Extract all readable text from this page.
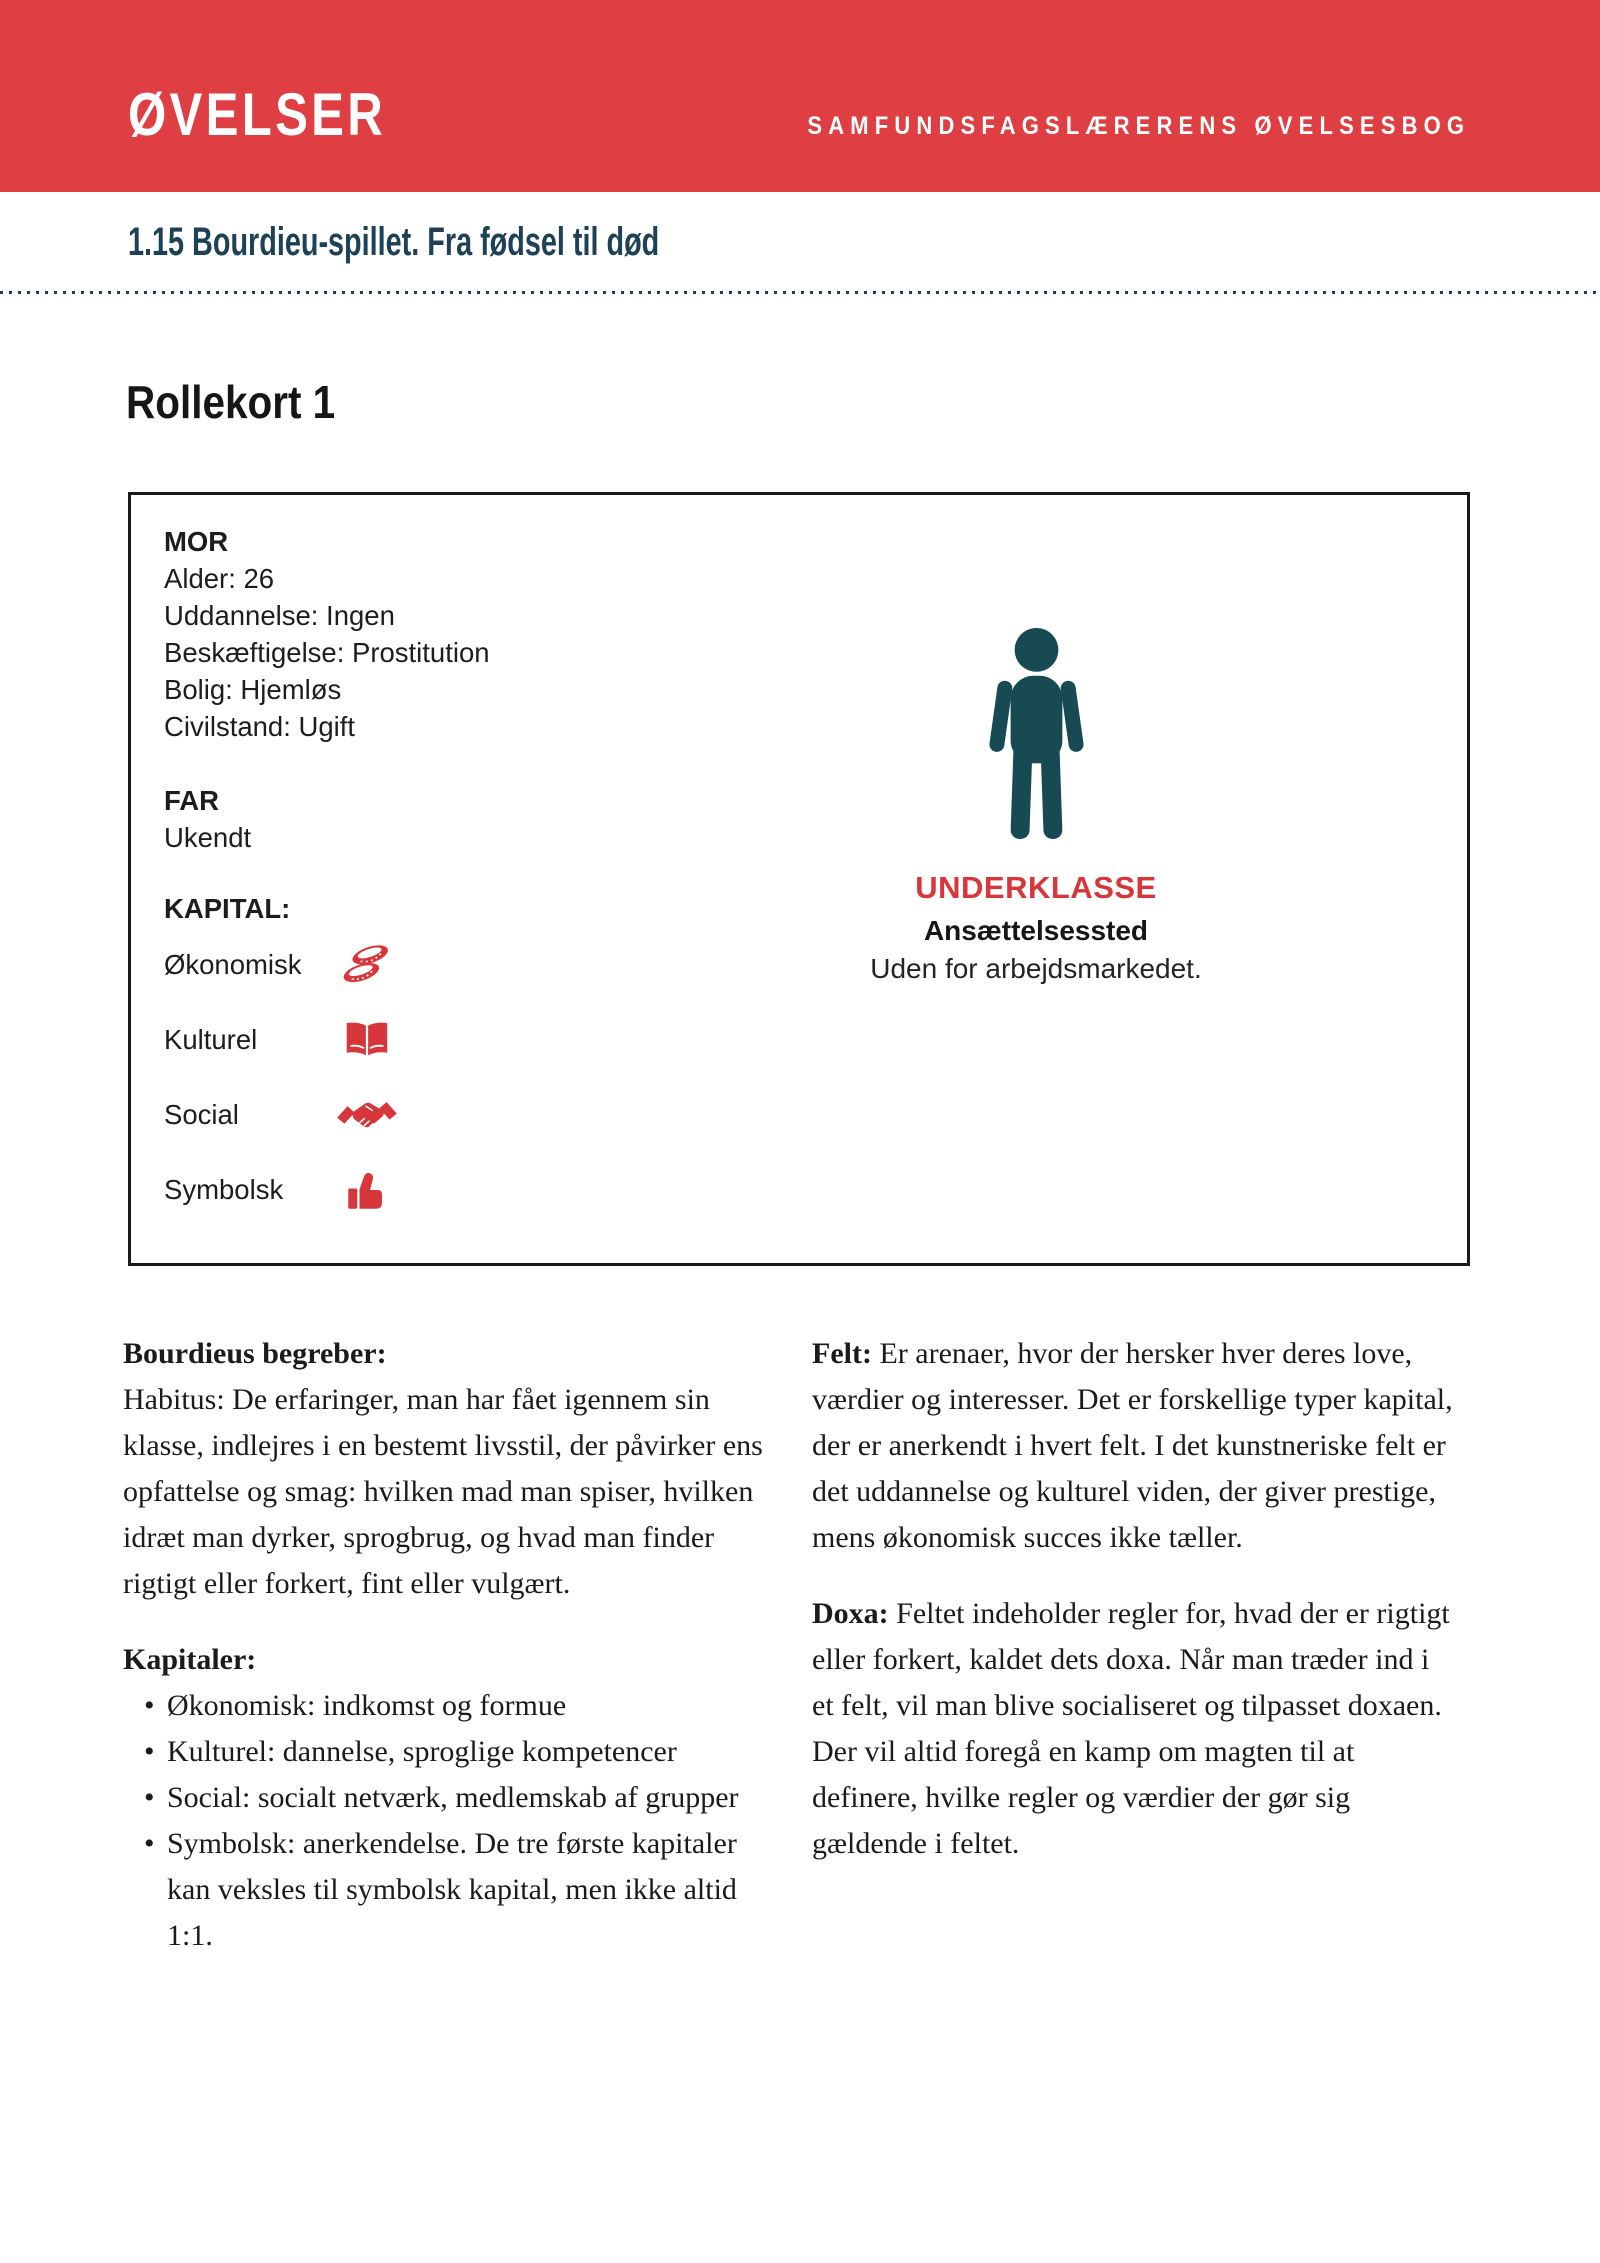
ØVELSER	SAMFUNDSFAGSLÆRERENS ØVELSESBOG
1.15 Bourdieu-spillet. Fra fødsel til død
Rollekort 1
MOR
Alder: 26
Uddannelse: Ingen
Beskæftigelse: Prostitution
Bolig: Hjemløs
Civilstand: Ugift
FAR
Ukendt
KAPITAL:
Økonomisk
Kulturel
Social
Symbolsk
UNDERKLASSE
Ansættelsessted
Uden for arbejdsmarkedet.
Bourdieus begreber:

Habitus: De erfaringer, man har fået igennem sin klasse, indlejres i en bestemt livsstil, der påvirker ens opfattelse og smag: hvilken mad man spiser, hvilken idræt man dyrker, sprogbrug, og hvad man finder rigtigt eller forkert, fint eller vulgært.

Kapitaler:
• Økonomisk: indkomst og formue
• Kulturel: dannelse, sproglige kompetencer
• Social: socialt netværk, medlemskab af grupper
• Symbolsk: anerkendelse. De tre første kapitaler kan veksles til symbolsk kapital, men ikke altid 1:1.

Felt: Er arenaer, hvor der hersker hver deres love, værdier og interesser. Det er forskellige typer kapital, der er anerkendt i hvert felt. I det kunstneriske felt er det uddannelse og kulturel viden, der giver prestige, mens økonomisk succes ikke tæller.

Doxa: Feltet indeholder regler for, hvad der er rigtigt eller forkert, kaldet dets doxa. Når man træder ind i et felt, vil man blive socialiseret og tilpasset doxaen. Der vil altid foregå en kamp om magten til at definere, hvilke regler og værdier der gør sig gældende i feltet.
